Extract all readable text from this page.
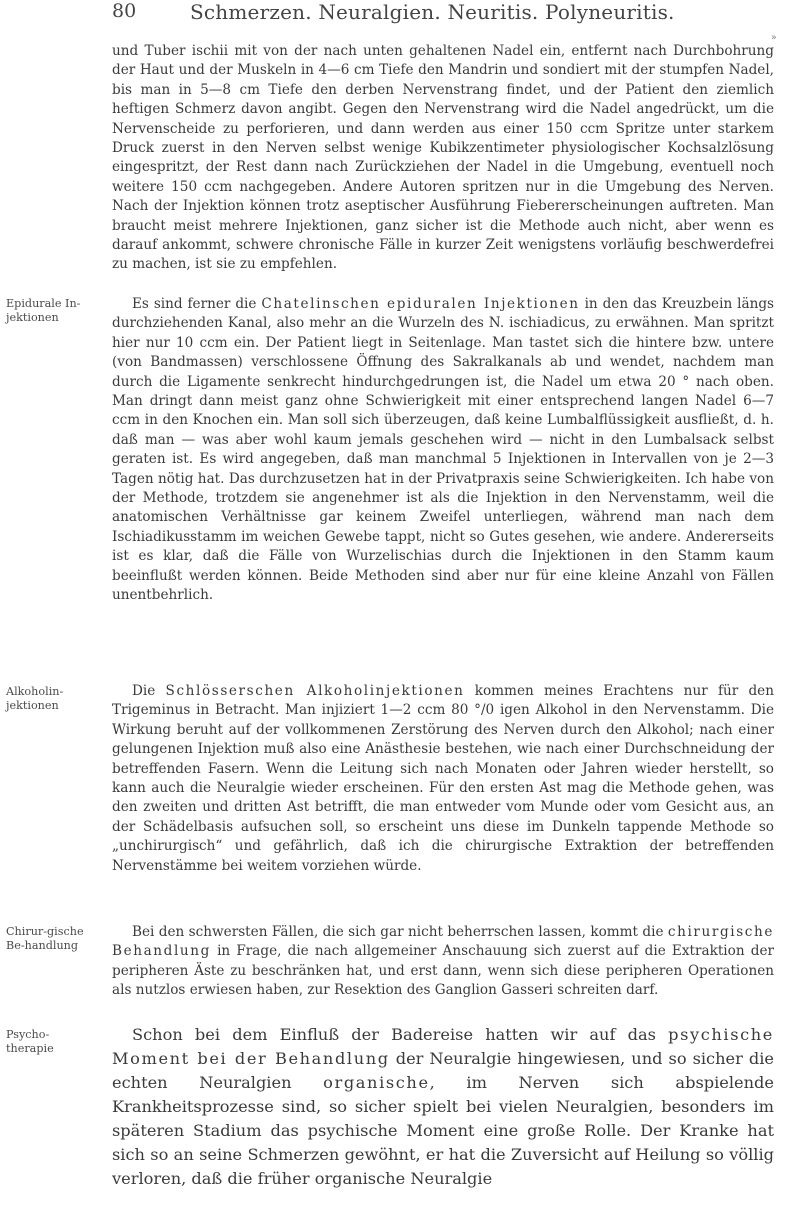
80	Schmerzen. Neuralgien. Neuritis. Polyneuritis.
»
und Tuber ischii mit von der nach unten gehaltenen Nadel ein, entfernt nach Durchbohrung der Haut und der Muskeln in 4—6 cm Tiefe den Mandrin und sondiert mit der stumpfen Nadel, bis man in 5—8 cm Tiefe den derben Nervenstrang findet, und der Patient den ziemlich heftigen Schmerz davon angibt. Gegen den Nervenstrang wird die Nadel angedrückt, um die Nervenscheide zu perforieren, und dann werden aus einer 150 ccm Spritze unter starkem Druck zuerst in den Nerven selbst wenige Kubikzentimeter physiologischer Kochsalzlösung eingespritzt, der Rest dann nach Zurückziehen der Nadel in die Umgebung, eventuell noch weitere 150 ccm nachgegeben. Andere Autoren spritzen nur in die Umgebung des Nerven. Nach der Injektion können trotz aseptischer Ausführung Fiebererscheinungen auftreten. Man braucht meist mehrere Injektionen, ganz sicher ist die Methode auch nicht, aber wenn es darauf ankommt, schwere chronische Fälle in kurzer Zeit wenigstens vorläufig beschwerdefrei zu machen, ist sie zu empfehlen.
Epidurale In-jektionen
Es sind ferner die Chatelinschen epiduralen Injektionen in den das Kreuzbein längs durchziehenden Kanal, also mehr an die Wurzeln des N. ischiadicus, zu erwähnen. Man spritzt hier nur 10 ccm ein. Der Patient liegt in Seitenlage. Man tastet sich die hintere bzw. untere (von Bandmassen) verschlossene Öffnung des Sakralkanals ab und wendet, nachdem man durch die Ligamente senkrecht hindurchgedrungen ist, die Nadel um etwa 20 ° nach oben. Man dringt dann meist ganz ohne Schwierigkeit mit einer entsprechend langen Nadel 6—7 ccm in den Knochen ein. Man soll sich überzeugen, daß keine Lumbalflüssigkeit ausfließt, d. h. daß man — was aber wohl kaum jemals geschehen wird — nicht in den Lumbalsack selbst geraten ist. Es wird angegeben, daß man manchmal 5 Injektionen in Intervallen von je 2—3 Tagen nötig hat. Das durchzusetzen hat in der Privatpraxis seine Schwierigkeiten. Ich habe von der Methode, trotzdem sie angenehmer ist als die Injektion in den Nervenstamm, weil die anatomischen Verhältnisse gar keinem Zweifel unterliegen, während man nach dem Ischiadikusstamm im weichen Gewebe tappt, nicht so Gutes gesehen, wie andere. Andererseits ist es klar, daß die Fälle von Wurzelischias durch die Injektionen in den Stamm kaum beeinflußt werden können. Beide Methoden sind aber nur für eine kleine Anzahl von Fällen unentbehrlich.
Alkoholin-jektionen
Die Schlösserschen Alkoholinjektionen kommen meines Erachtens nur für den Trigeminus in Betracht. Man injiziert 1—2 ccm 80 °/0 igen Alkohol in den Nervenstamm. Die Wirkung beruht auf der vollkommenen Zerstörung des Nerven durch den Alkohol; nach einer gelungenen Injektion muß also eine Anästhesie bestehen, wie nach einer Durchschneidung der betreffenden Fasern. Wenn die Leitung sich nach Monaten oder Jahren wieder herstellt, so kann auch die Neuralgie wieder erscheinen. Für den ersten Ast mag die Methode gehen, was den zweiten und dritten Ast betrifft, die man entweder vom Munde oder vom Gesicht aus, an der Schädelbasis aufsuchen soll, so erscheint uns diese im Dunkeln tappende Methode so „unchirurgisch“ und gefährlich, daß ich die chirurgische Extraktion der betreffenden Nervenstämme bei weitem vorziehen würde.
Chirur-gische Be-handlung
Bei den schwersten Fällen, die sich gar nicht beherrschen lassen, kommt die chirurgische Behandlung in Frage, die nach allgemeiner Anschauung sich zuerst auf die Extraktion der peripheren Äste zu beschränken hat, und erst dann, wenn sich diese peripheren Operationen als nutzlos erwiesen haben, zur Resektion des Ganglion Gasseri schreiten darf.
Psycho-therapie
Schon bei dem Einfluß der Badereise hatten wir auf das psychische Moment bei der Behandlung der Neuralgie hingewiesen, und so sicher die echten Neuralgien organische, im Nerven sich abspielende Krankheitsprozesse sind, so sicher spielt bei vielen Neuralgien, besonders im späteren Stadium das psychische Moment eine große Rolle. Der Kranke hat sich so an seine Schmerzen gewöhnt, er hat die Zuversicht auf Heilung so völlig verloren, daß die früher organische Neuralgie
